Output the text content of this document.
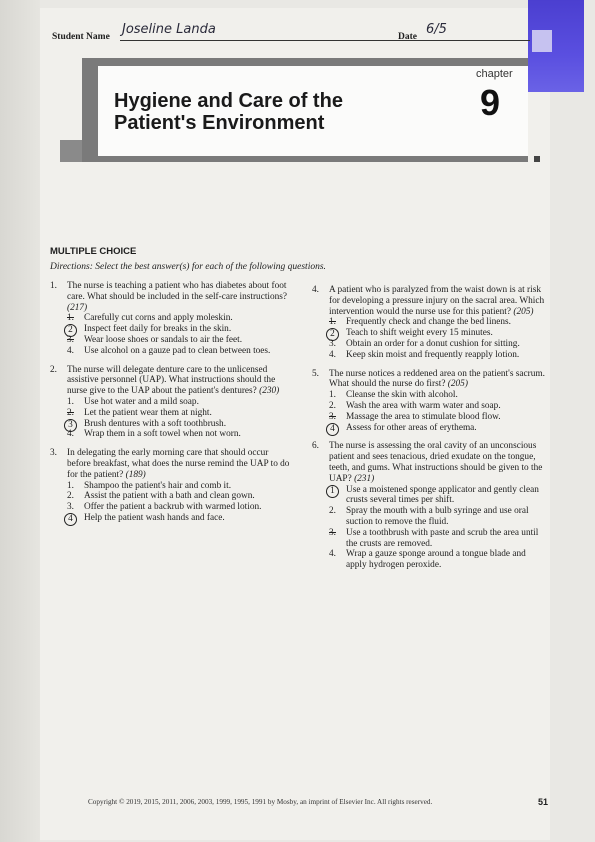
Student Name Joseline Landa	Date 6/5
Hygiene and Care of the
Patient's Environment
chapter
9
MULTIPLE CHOICE
Directions: Select the best answer(s) for each of the following questions.
1. The nurse is teaching a patient who has diabetes about foot care. What should be included in the self-care instructions? (217)
1. Carefully cut corns and apply moleskin.
2	Inspect feet daily for breaks in the skin.
3. Wear loose shoes or sandals to air the feet.
4. Use alcohol on a gauze pad to clean between toes.
2. The nurse will delegate denture care to the unlicensed assistive personnel (UAP). What instructions should the nurse give to the UAP about the patient's dentures? (230)
1. Use hot water and a mild soap.
2. Let the patient wear them at night.
3	Brush dentures with a soft toothbrush.
4. Wrap them in a soft towel when not worn.
3. In delegating the early morning care that should occur before breakfast, what does the nurse remind the UAP to do for the patient? (189)
1. Shampoo the patient's hair and comb it.
2. Assist the patient with a bath and clean gown.
3. Offer the patient a backrub with warmed lotion.
4	Help the patient wash hands and face.
4. A patient who is paralyzed from the waist down is at risk for developing a pressure injury on the sacral area. Which intervention would the nurse use for this patient? (205)
1. Frequently check and change the bed linens.
2	Teach to shift weight every 15 minutes.
3. Obtain an order for a donut cushion for sitting.
4. Keep skin moist and frequently reapply lotion.
5. The nurse notices a reddened area on the patient's sacrum. What should the nurse do first? (205)
1. Cleanse the skin with alcohol.
2. Wash the area with warm water and soap.
3. Massage the area to stimulate blood flow.
4	Assess for other areas of erythema.
6. The nurse is assessing the oral cavity of an unconscious patient and sees tenacious, dried exudate on the tongue, teeth, and gums. What instructions should be given to the UAP? (231)
1	Use a moistened sponge applicator and gently clean crusts several times per shift.
2. Spray the mouth with a bulb syringe and use oral suction to remove the fluid.
3. Use a toothbrush with paste and scrub the area until the crusts are removed.
4. Wrap a gauze sponge around a tongue blade and apply hydrogen peroxide.
Copyright © 2019, 2015, 2011, 2006, 2003, 1999, 1995, 1991 by Mosby, an imprint of Elsevier Inc. All rights reserved.	51
